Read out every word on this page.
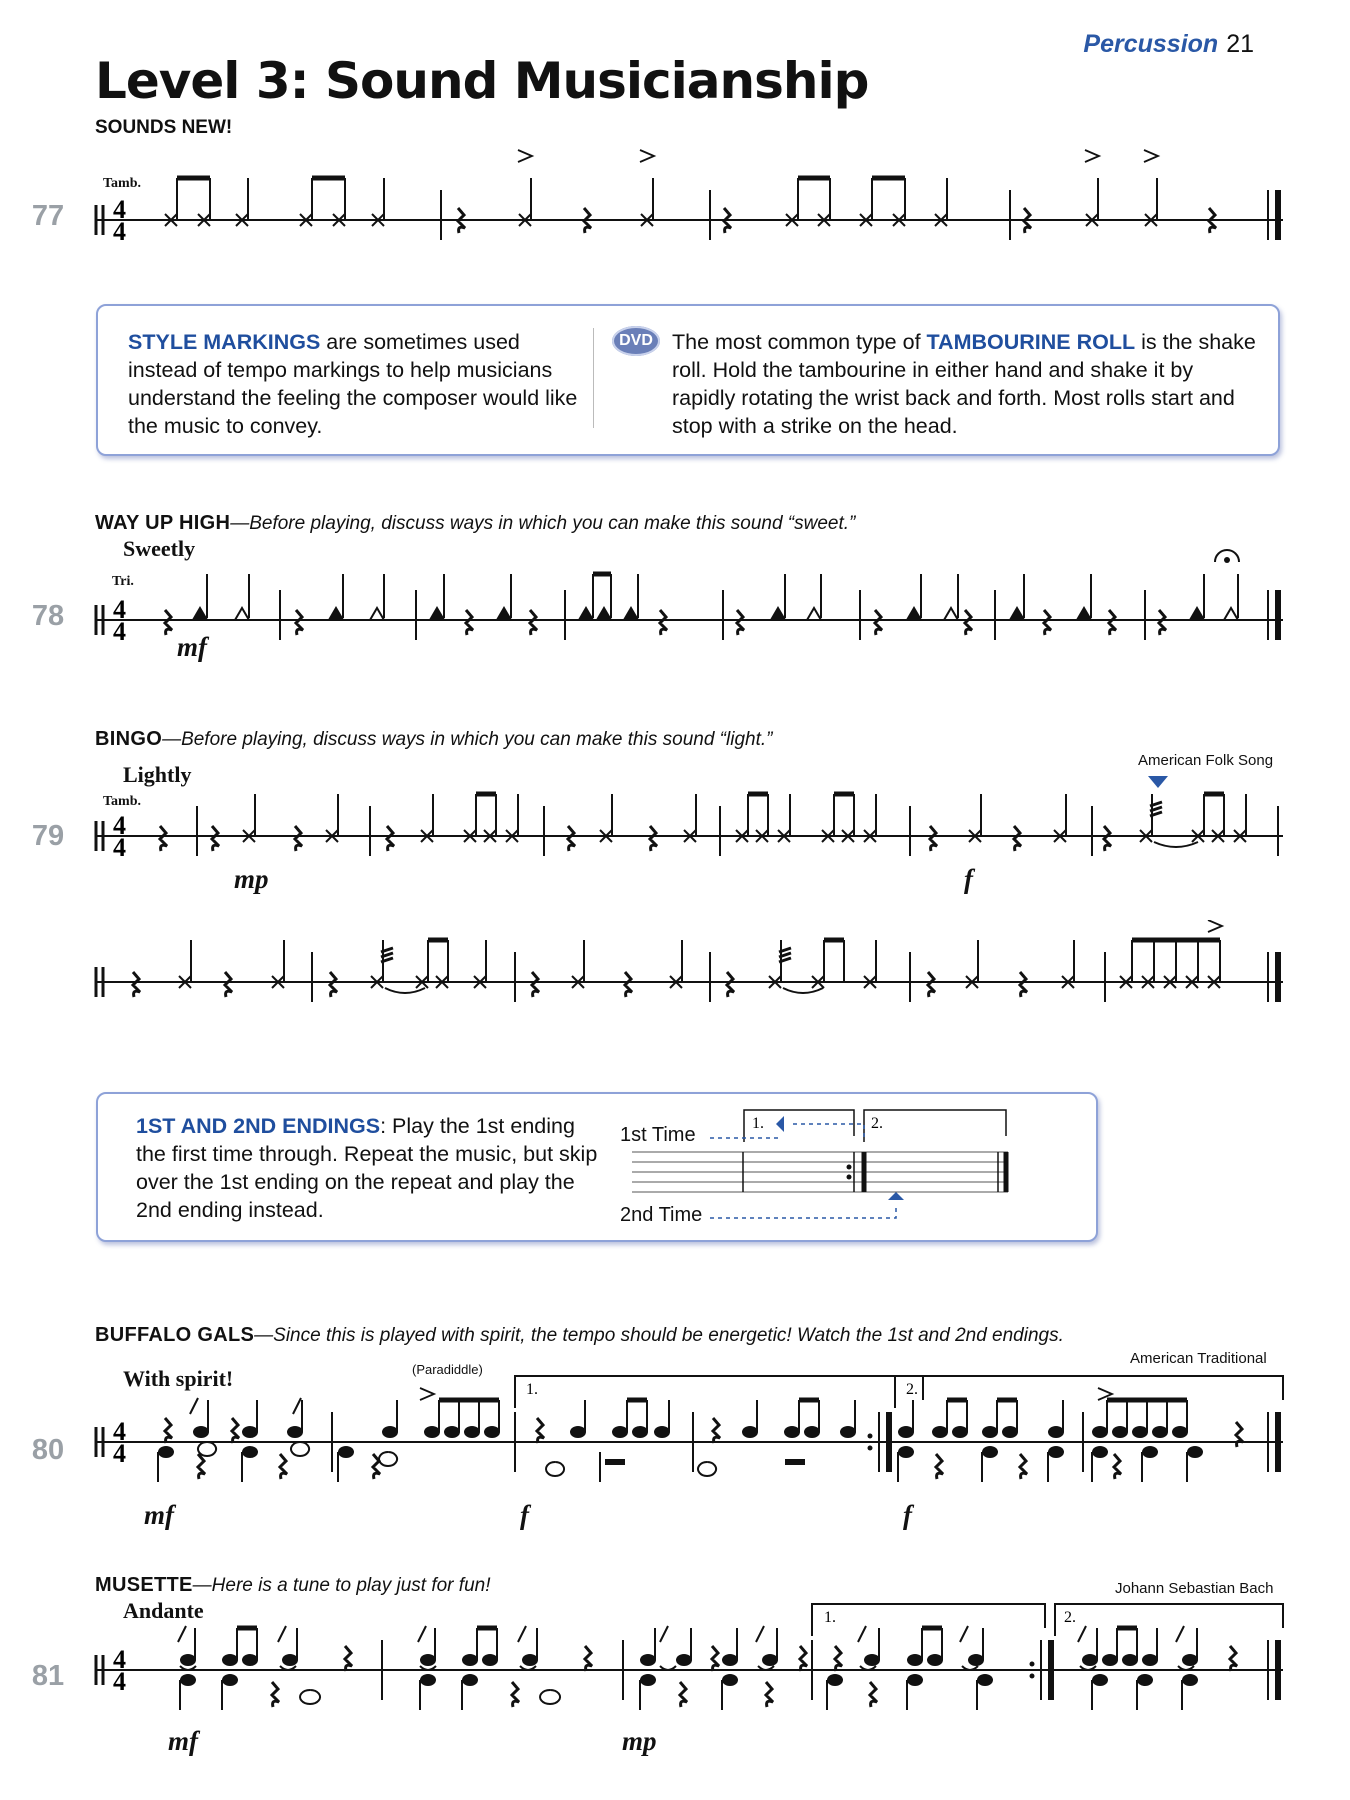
Percussion 21
Level 3: Sound Musicianship
SOUNDS NEW!
77
Tamb.
4
4
STYLE MARKINGS are sometimes used instead of tempo markings to help musicians understand the feeling the composer would like the music to convey.
DVD The most common type of TAMBOURINE ROLL is the shake roll. Hold the tambourine in either hand and shake it by rapidly rotating the wrist back and forth. Most rolls start and stop with a strike on the head.
WAY UP HIGH—Before playing, discuss ways in which you can make this sound “sweet.”
Sweetly
78
Tri.
mf
4
4
BINGO—Before playing, discuss ways in which you can make this sound “light.”
Lightly
American Folk Song
79
Tamb.
mp	f
4
4
1ST AND 2ND ENDINGS: Play the 1st ending the first time through. Repeat the music, but skip over the 1st ending on the repeat and play the 2nd ending instead.
1st Time
2nd Time
1.	2.
BUFFALO GALS—Since this is played with spirit, the tempo should be energetic! Watch the 1st and 2nd endings.
American Traditional
With spirit!	(Paradiddle)
80
mf	f	f
4
4
1.	2.
MUSETTE—Here is a tune to play just for fun!	Johann Sebastian Bach
Andante
81
mf	mp
4
4
1.	2.
